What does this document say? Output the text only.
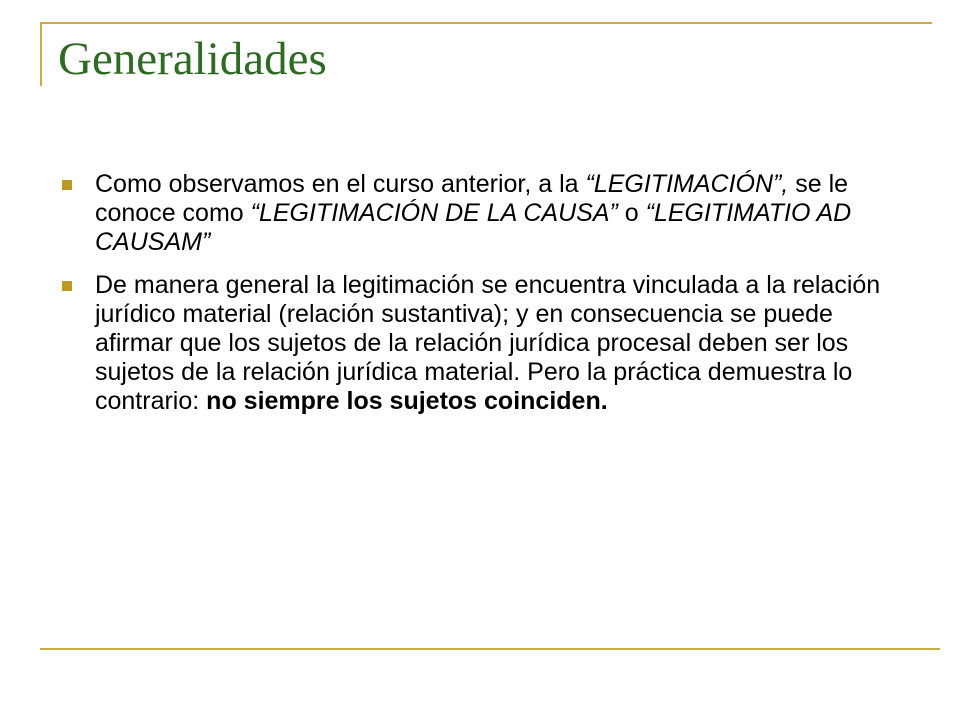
Generalidades
Como observamos en el curso anterior, a la “LEGITIMACIÓN”, se le conoce como “LEGITIMACIÓN DE LA CAUSA” o “LEGITIMATIO AD CAUSAM”
De manera general la legitimación se encuentra vinculada a la relación jurídico material (relación sustantiva); y en consecuencia se puede afirmar que los sujetos de la relación jurídica procesal deben ser los sujetos de la relación jurídica material. Pero la práctica demuestra lo contrario: no siempre los sujetos coinciden.
